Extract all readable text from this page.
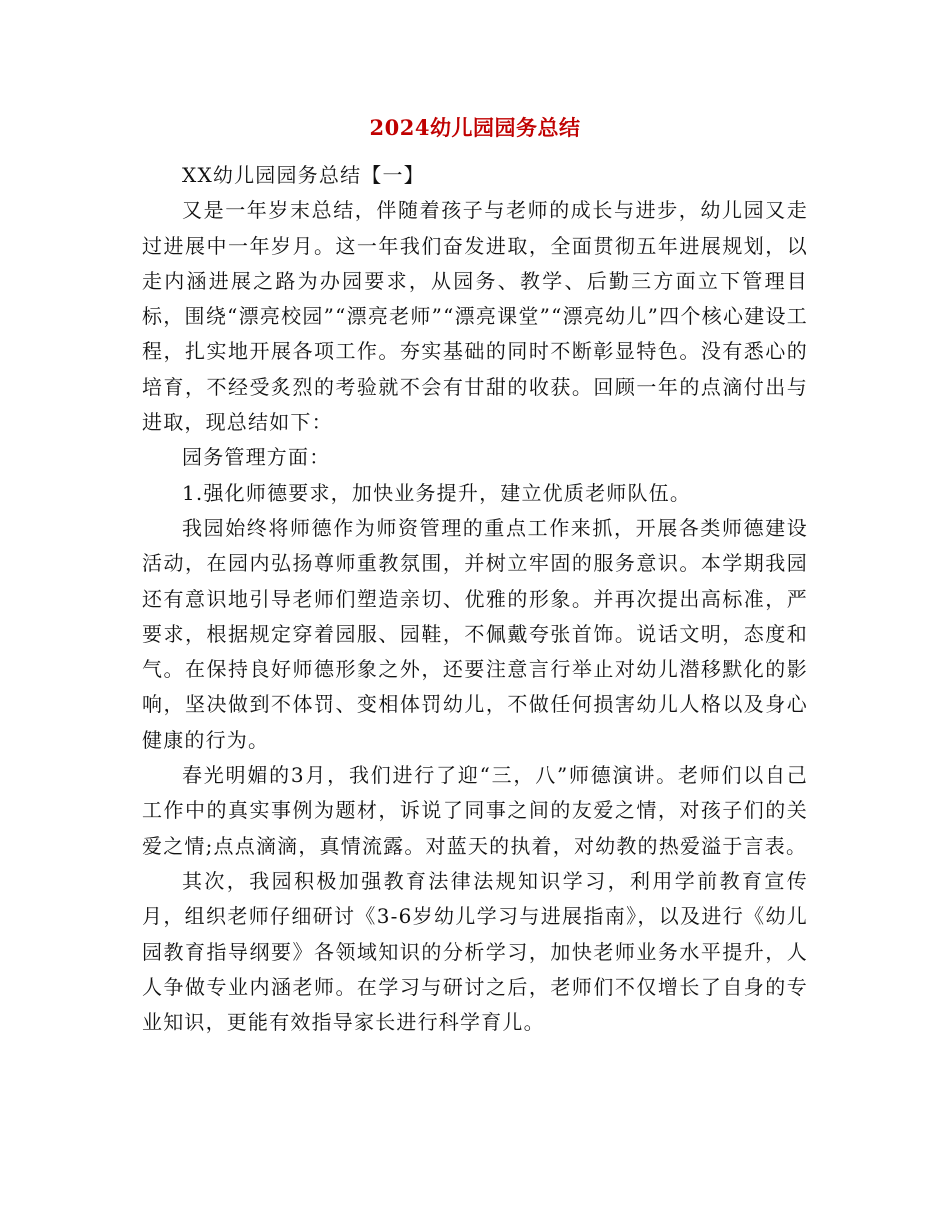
2024幼儿园园务总结

XX幼儿园园务总结【一】

又是一年岁末总结，伴随着孩子与老师的成长与进步，幼儿园又走过进展中一年岁月。这一年我们奋发进取，全面贯彻五年进展规划，以走内涵进展之路为办园要求，从园务、教学、后勤三方面立下管理目标，围绕“漂亮校园”“漂亮老师”“漂亮课堂”“漂亮幼儿”四个核心建设工程，扎实地开展各项工作。夯实基础的同时不断彰显特色。没有悉心的培育，不经受炙烈的考验就不会有甘甜的收获。回顾一年的点滴付出与进取，现总结如下：

园务管理方面：

1.强化师德要求，加快业务提升，建立优质老师队伍。

我园始终将师德作为师资管理的重点工作来抓，开展各类师德建设活动，在园内弘扬尊师重教氛围，并树立牢固的服务意识。本学期我园还有意识地引导老师们塑造亲切、优雅的形象。并再次提出高标准，严要求，根据规定穿着园服、园鞋，不佩戴夸张首饰。说话文明，态度和气。在保持良好师德形象之外，还要注意言行举止对幼儿潜移默化的影响，坚决做到不体罚、变相体罚幼儿，不做任何损害幼儿人格以及身心健康的行为。

春光明媚的3月，我们进行了迎“三，八”师德演讲。老师们以自己工作中的真实事例为题材，诉说了同事之间的友爱之情，对孩子们的关爱之情;点点滴滴，真情流露。对蓝天的执着，对幼教的热爱溢于言表。

其次，我园积极加强教育法律法规知识学习，利用学前教育宣传月，组织老师仔细研讨《3-6岁幼儿学习与进展指南》，以及进行《幼儿园教育指导纲要》各领域知识的分析学习，加快老师业务水平提升，人人争做专业内涵老师。在学习与研讨之后，老师们不仅增长了自身的专业知识，更能有效指导家长进行科学育儿。
